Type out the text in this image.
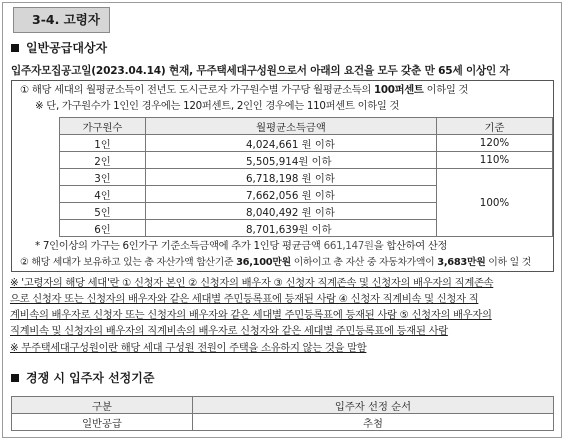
3-4. 고령자
일반공급대상자
입주자모집공고일(2023.04.14) 현재, 무주택세대구성원으로서 아래의 요건을 모두 갖춘 만 65세 이상인 자
① 해당 세대의 월평균소득이 전년도 도시근로자 가구원수별 가구당 월평균소득의 100퍼센트 이하일 것
※ 단, 가구원수가 1인인 경우에는 120퍼센트, 2인인 경우에는 110퍼센트 이하일 것
가구원수	월평균소득금액	기준
1인	4,024,661 원 이하	120%
2인	5,505,914원 이하	110%
3인	6,718,198 원 이하	100%
4인	7,662,056 원 이하	
5인	8,040,492 원 이하	
6인	8,701,639원 이하	
* 7인이상의 가구는 6인가구 기준소득금액에 추가 1인당 평균금액 661,147원을 합산하여 산정
② 해당 세대가 보유하고 있는 총 자산가액 합산기준 36,100만원 이하이고 총 자산 중 자동차가액이 3,683만원 이하 일 것
※ '고령자의 해당 세대'란 ① 신청자 본인 ② 신청자의 배우자 ③ 신청자 직계존속 및 신청자의 배우자의 직계존속
으로 신청자 또는 신청자의 배우자와 같은 세대별 주민등록표에 등재된 사람 ④ 신청자 직계비속 및 신청자 직
계비속의 배우자로 신청자 또는 신청자의 배우자와 같은 세대별 주민등록표에 등재된 사람 ⑤ 신청자의 배우자의
직계비속 및 신청자의 배우자의 직계비속의 배우자로 신청자와 같은 세대별 주민등록표에 등재된 사람
※ 무주택세대구성원이란 해당 세대 구성원 전원이 주택을 소유하지 않는 것을 말함
경쟁 시 입주자 선정기준
구분	입주자 선정 순서
일반공급	추첨
